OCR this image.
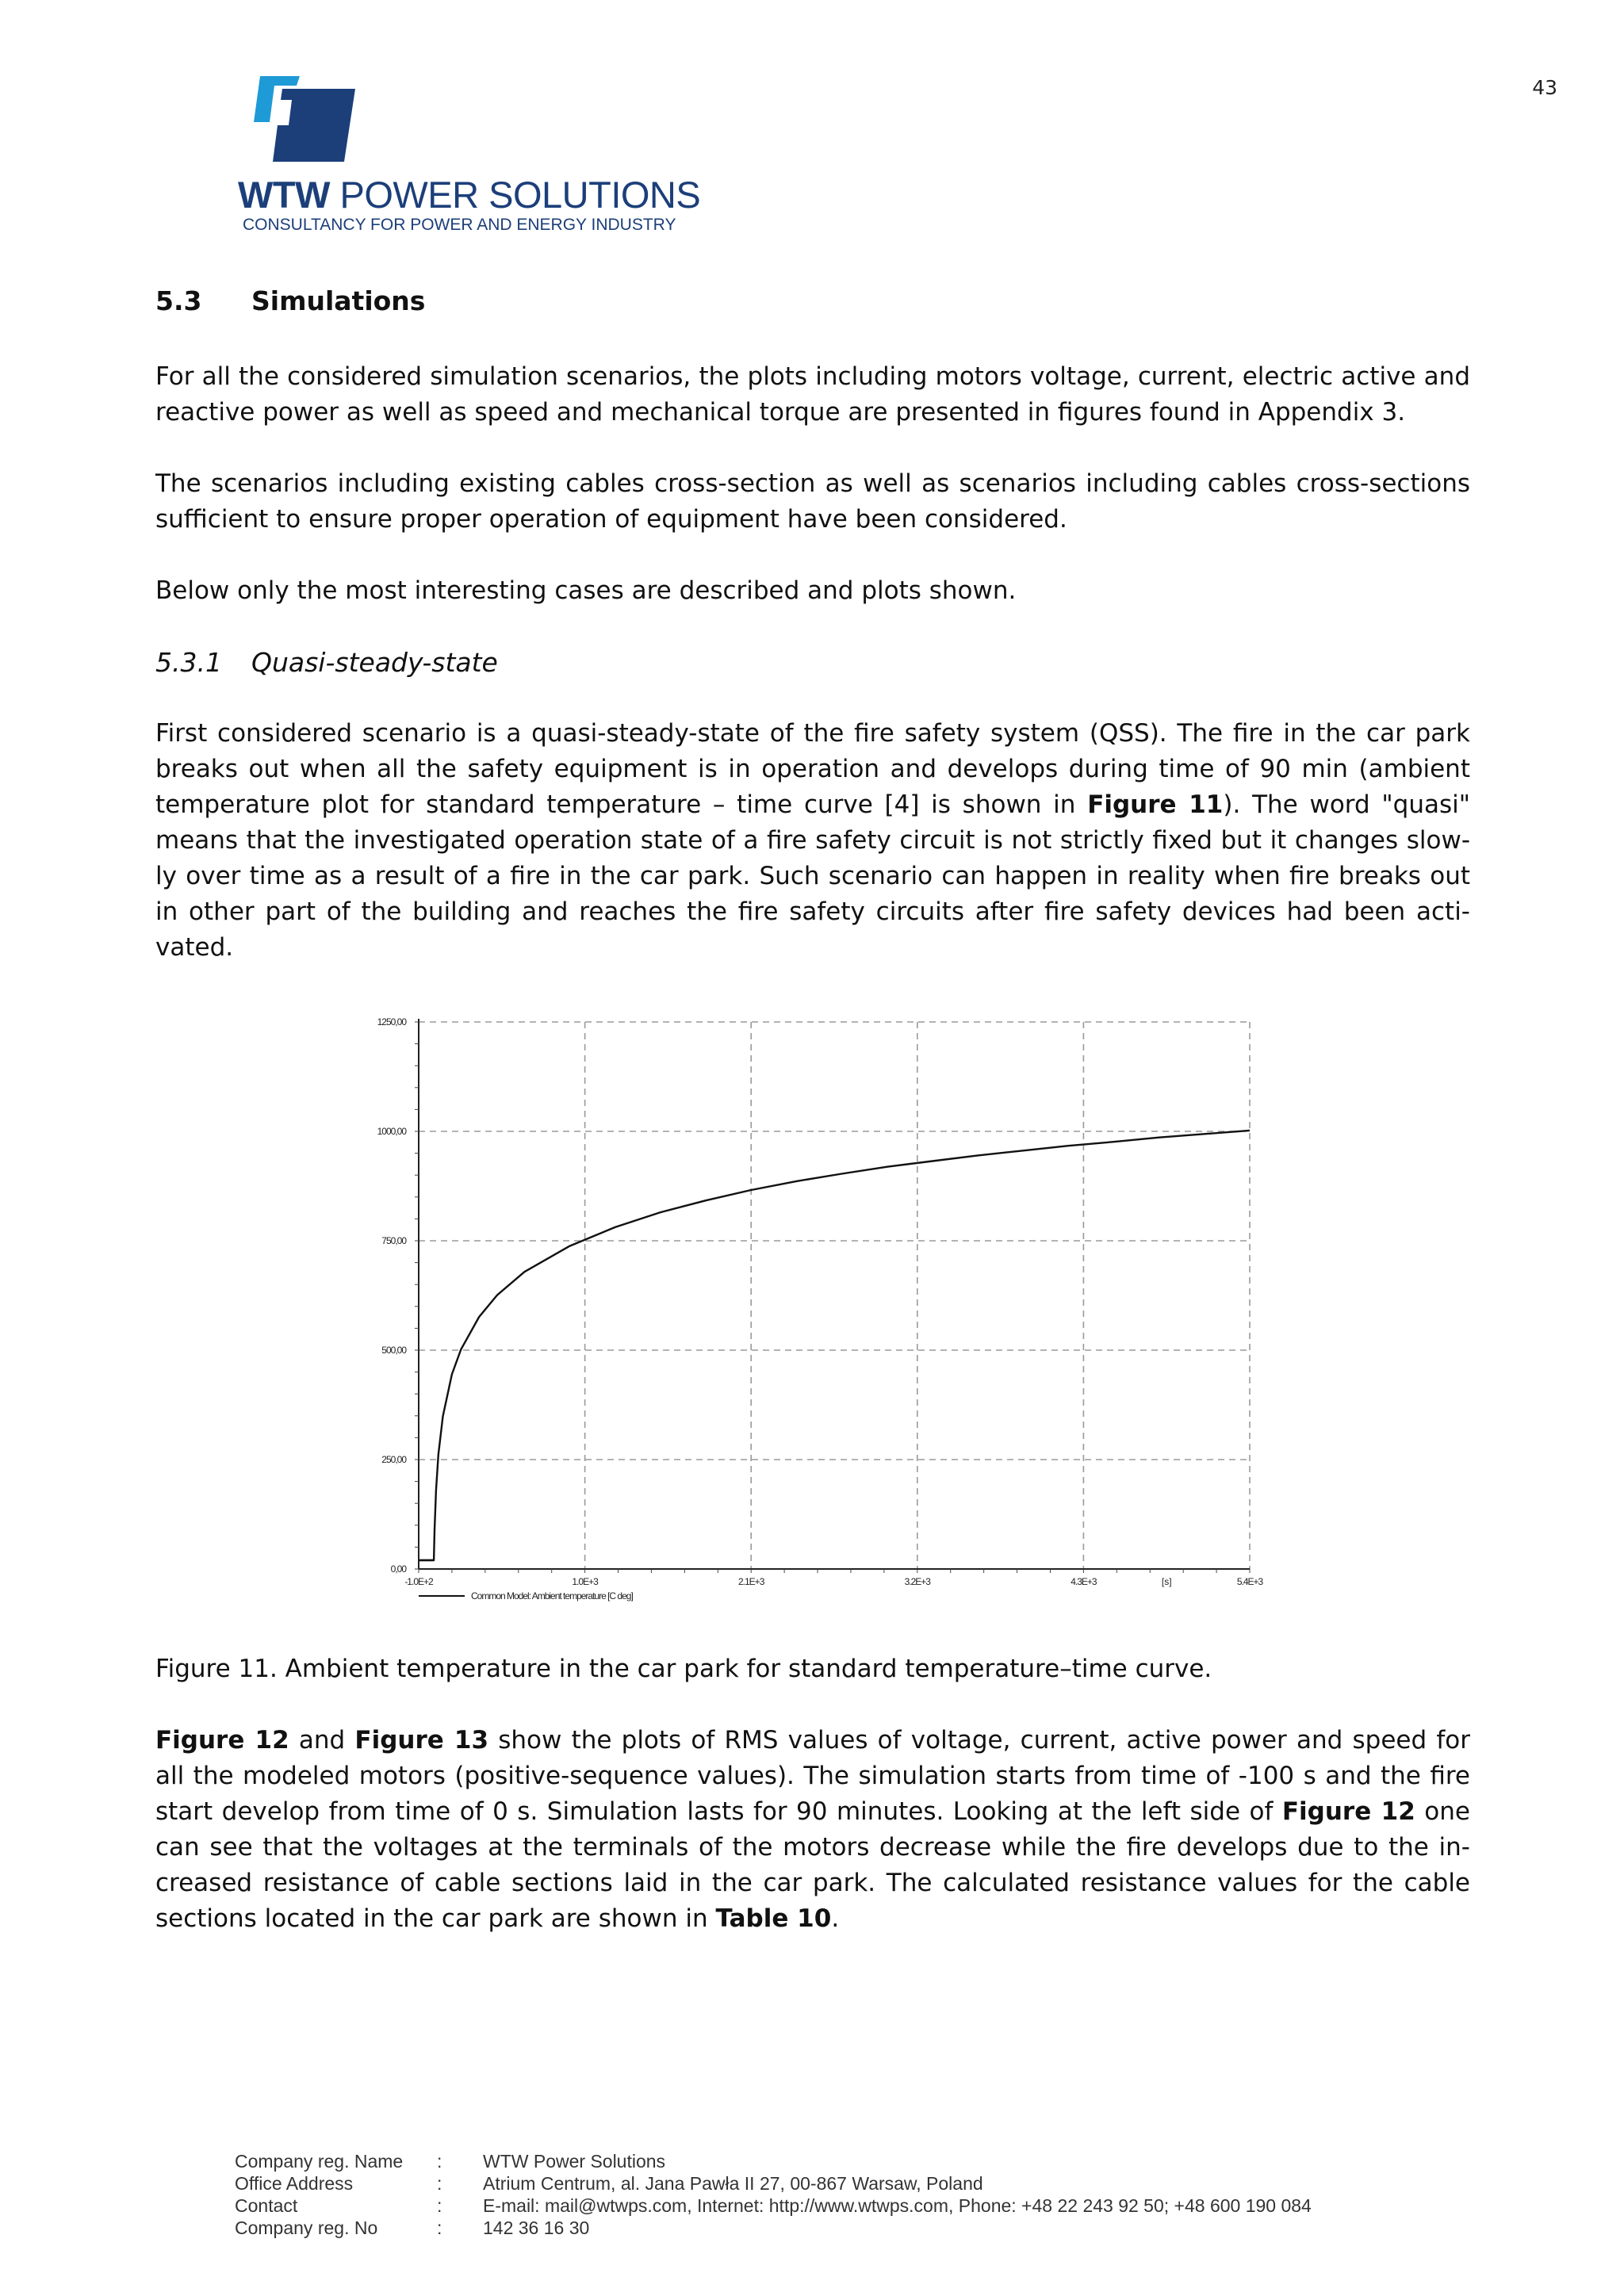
43
WTW POWER SOLUTIONS
CONSULTANCY FOR POWER AND ENERGY INDUSTRY
5.3 Simulations

For all the considered simulation scenarios, the plots including motors voltage, current, electric active and reactive power as well as speed and mechanical torque are presented in figures found in Appendix 3.

The scenarios including existing cables cross-section as well as scenarios including cables cross-sections sufficient to ensure proper operation of equipment have been considered.

Below only the most interesting cases are described and plots shown.

5.3.1 Quasi-steady-state

First considered scenario is a quasi-steady-state of the fire safety system (QSS). The fire in the car park breaks out when all the safety equipment is in operation and develops during time of 90 min (ambient temperature plot for standard temperature – time curve [4] is shown in Figure 11). The word "quasi" means that the investigated operation state of a fire safety circuit is not strictly fixed but it changes slow-ly over time as a result of a fire in the car park. Such scenario can happen in reality when fire breaks out in other part of the building and reaches the fire safety circuits after fire safety devices had been acti-vated.

0,00
250,00
500,00
750,00
1000,00
1250,00
-1.0E+2	1.0E+3	2.1E+3	3.2E+3	4.3E+3	5.4E+3
[s]
Common Model: Ambient temperature [C deg]

Figure 11. Ambient temperature in the car park for standard temperature–time curve.

Figure 12 and Figure 13 show the plots of RMS values of voltage, current, active power and speed for all the modeled motors (positive-sequence values). The simulation starts from time of -100 s and the fire start develop from time of 0 s. Simulation lasts for 90 minutes. Looking at the left side of Figure 12 one can see that the voltages at the terminals of the motors decrease while the fire develops due to the in-creased resistance of cable sections laid in the car park. The calculated resistance values for the cable sections located in the car park are shown in Table 10.

Company reg. Name	:	WTW Power Solutions
Office Address	:	Atrium Centrum, al. Jana Pawła II 27, 00-867 Warsaw, Poland
Contact	:	E-mail: mail@wtwps.com, Internet: http://www.wtwps.com, Phone: +48 22 243 92 50; +48 600 190 084
Company reg. No	:	142 36 16 30
